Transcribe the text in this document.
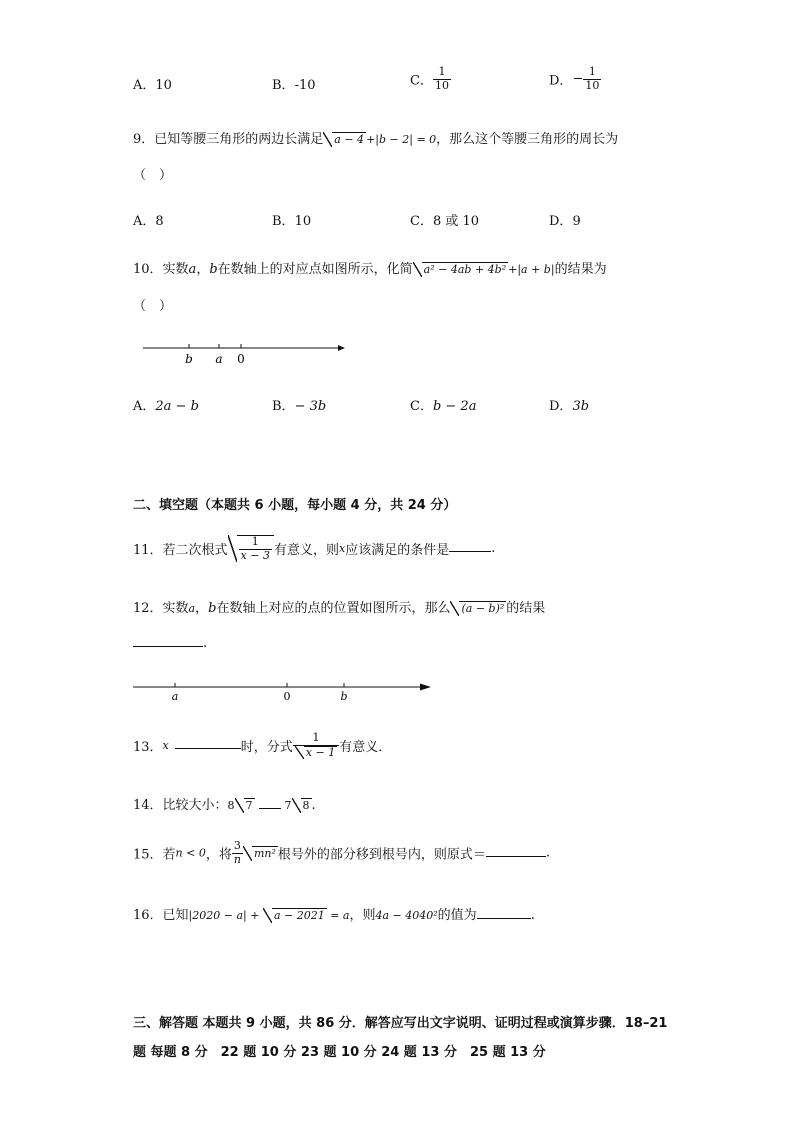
A．10	B．-10	C． $\frac{1}{10}$	D．− $\frac{1}{10}$
9．已知等腰三角形的两边长满足 a − 4 +|b − 2| = 0，那么这个等腰三角形的周长为
（　）
A．8	B．10	C．8 或 10	D．9
10．实数a，b在数轴上的对应点如图所示，化简 a² − 4ab + 4b² +|a + b|的结果为
（　）
b a 0
A．2a − b	B．− 3b	C．b − 2a	D．3b
二、填空题（本题共 6 小题，每小题 4 分，共 24 分）
11．若二次根式 $\frac{1}{x - 3}$ 有意义，则x应该满足的条件是	.
12．实数a，b在数轴上对应的点的位置如图所示，那么 (a − b)² 的结果
.
a	0	b
13．x	时，分式 $\frac{1}{x - 1}$ 有意义．
14．比较大小：8 7	7 8 .
15．若n < 0，将 $\frac{3}{n} mn^2$ 根号外的部分移到根号内，则原式＝	.
16．已知|2020 − a| + a − 2021 = a，则4a − 4040²的值为	.
三、解答题 本题共 9 小题，共 86 分．解答应写出文字说明、证明过程或演算步骤．18–21
题 每题 8 分　22 题 10 分 23 题 10 分 24 题 13 分　25 题 13 分
